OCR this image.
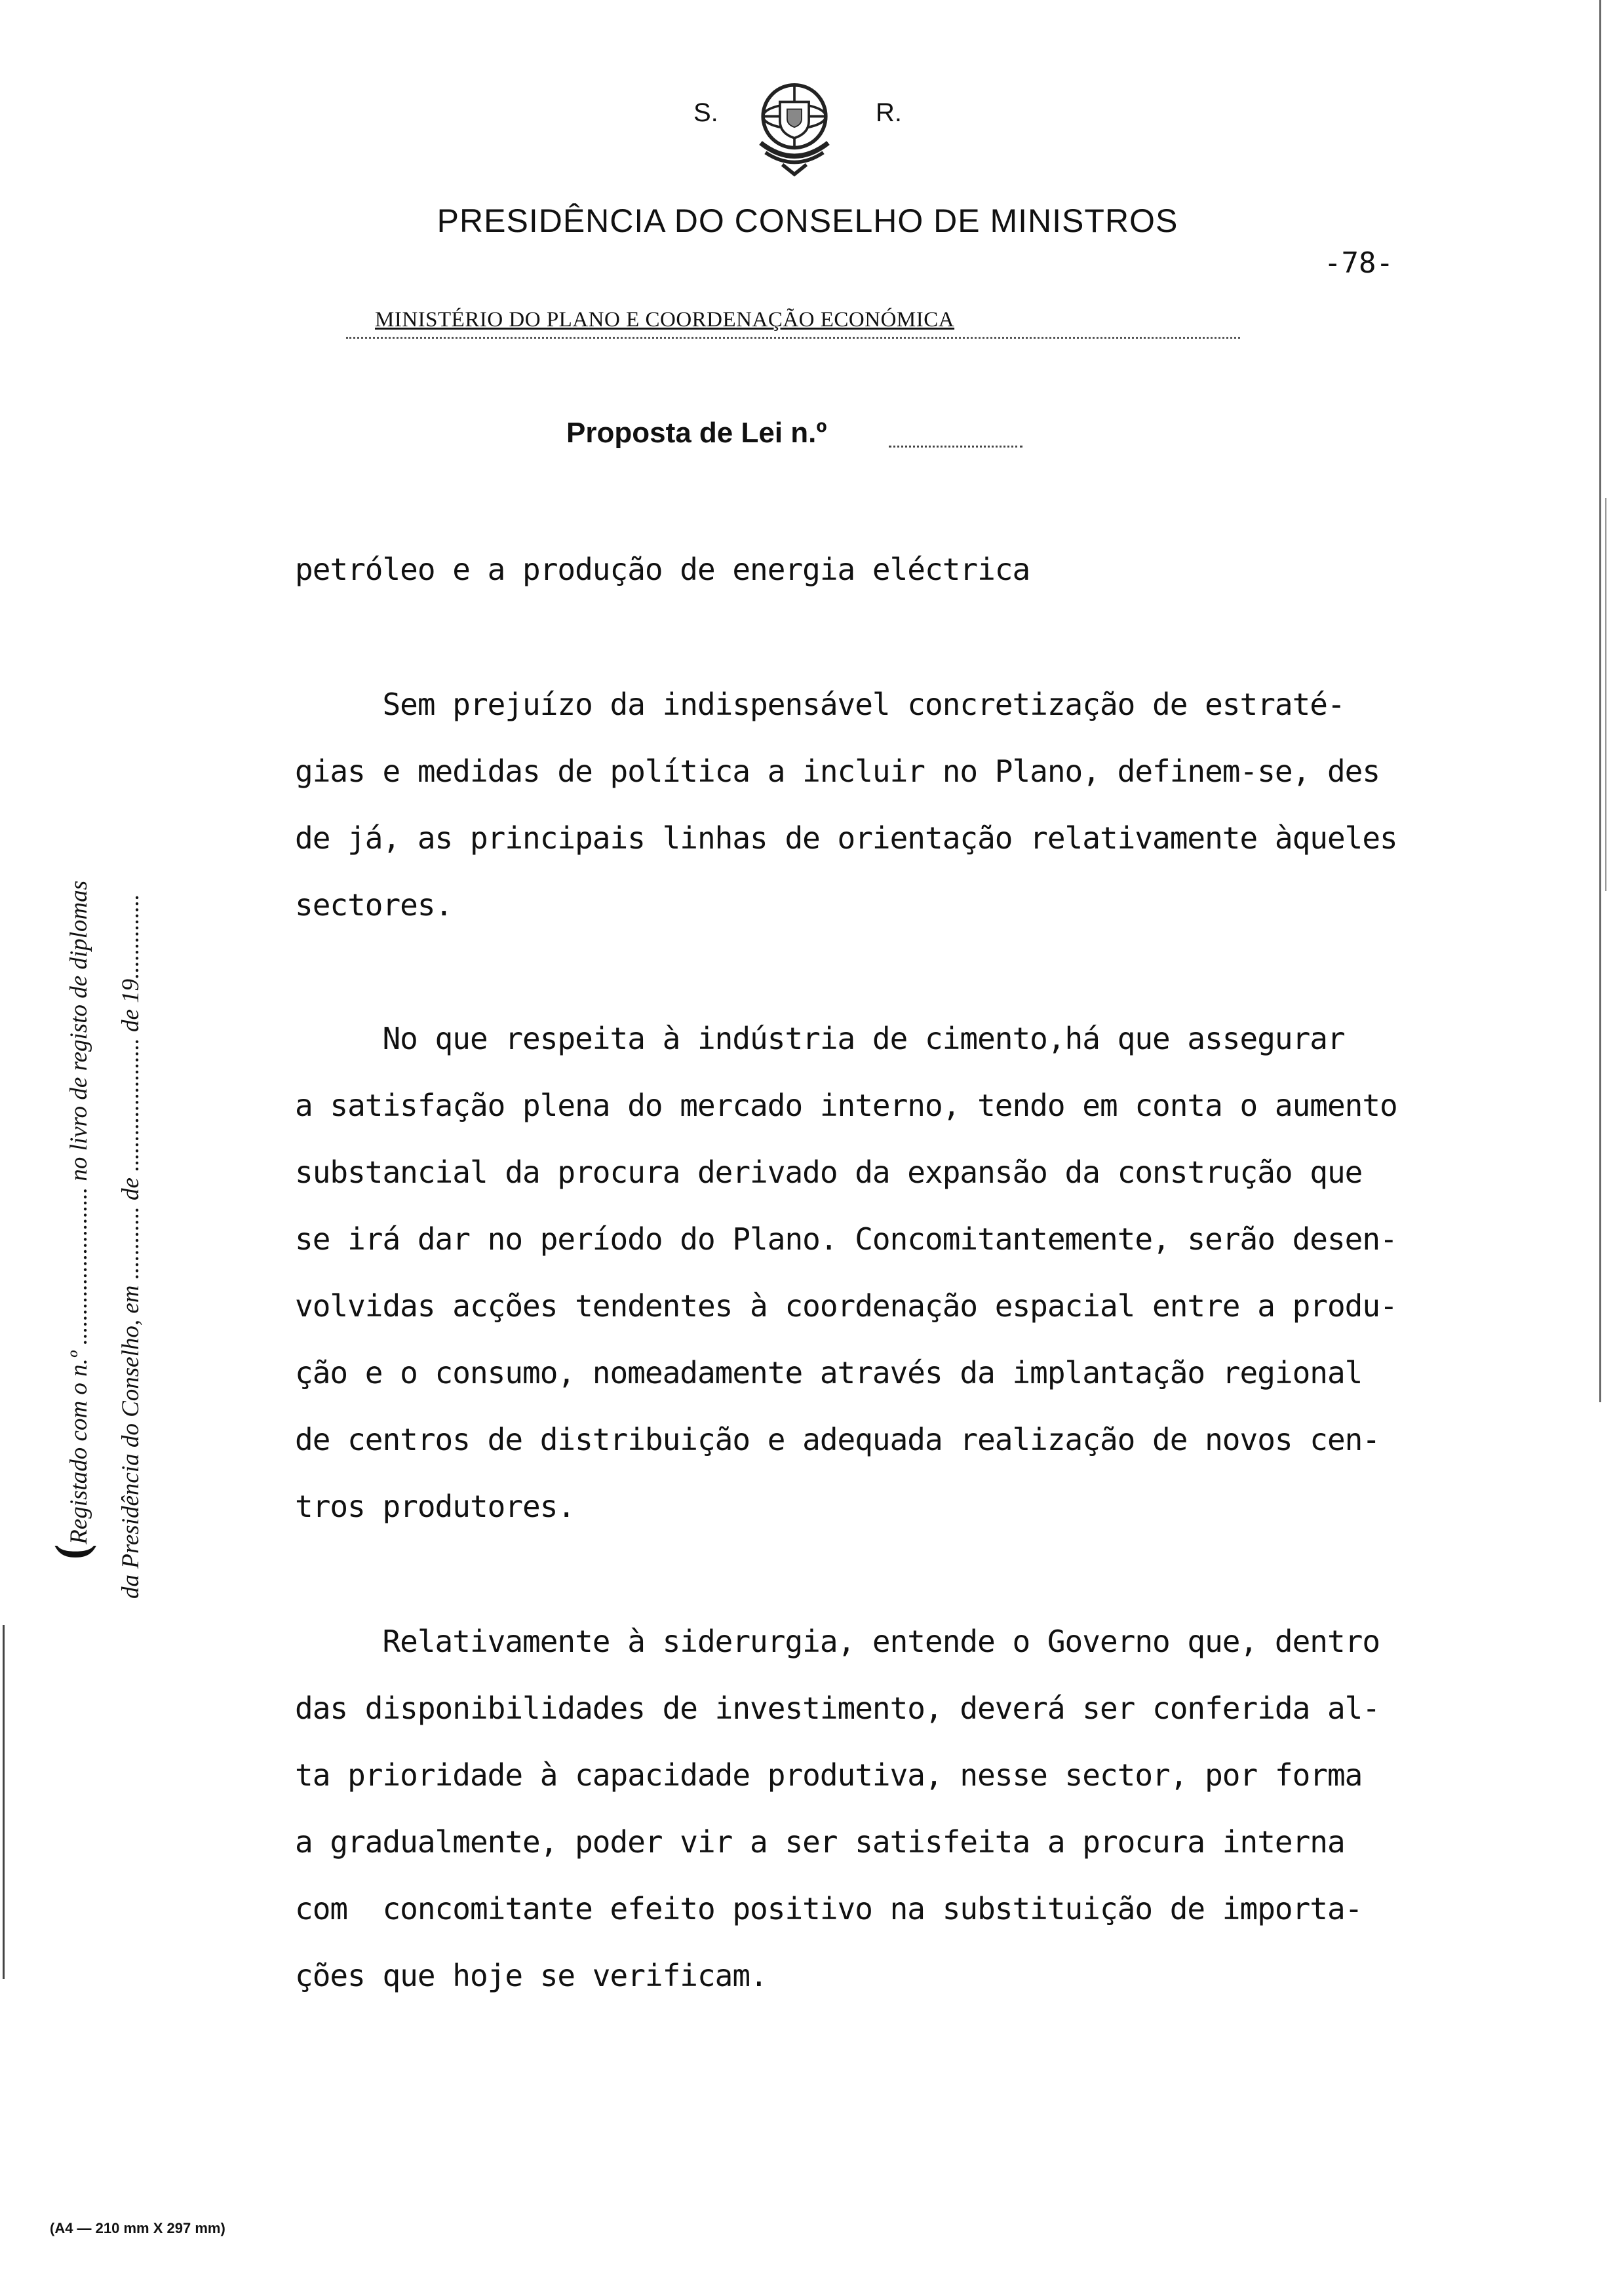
S.	R.
PRESIDÊNCIA DO CONSELHO DE MINISTROS
-78-
MINISTÉRIO DO PLANO E COORDENAÇÃO ECONÓMICA
Proposta de Lei n.º
petróleo e a produção de energia eléctrica
Sem prejuízo da indispensável concretização de estraté-
gias e medidas de política a incluir no Plano, definem-se, des
de já, as principais linhas de orientação relativamente àqueles
sectores.
No que respeita à indústria de cimento,há que assegurar
a satisfação plena do mercado interno, tendo em conta o aumento
substancial da procura derivado da expansão da construção que
se irá dar no período do Plano. Concomitantemente, serão desen-
volvidas acções tendentes à coordenação espacial entre a produ-
ção e o consumo, nomeadamente através da implantação regional
de centros de distribuição e adequada realização de novos cen-
tros produtores.
Relativamente à siderurgia, entende o Governo que, dentro
das disponibilidades de investimento, deverá ser conferida al-
ta prioridade à capacidade produtiva, nesse sector, por forma
a gradualmente, poder vir a ser satisfeita a procura interna
com  concomitante efeito positivo na substituição de importa-
ções que hoje se verificam.
(Registado com o n.º .......................... no livro de registo de diplomas da Presidência do Conselho, em ............ de ...................... de 19..............
(A4 — 210 mm X 297 mm)
